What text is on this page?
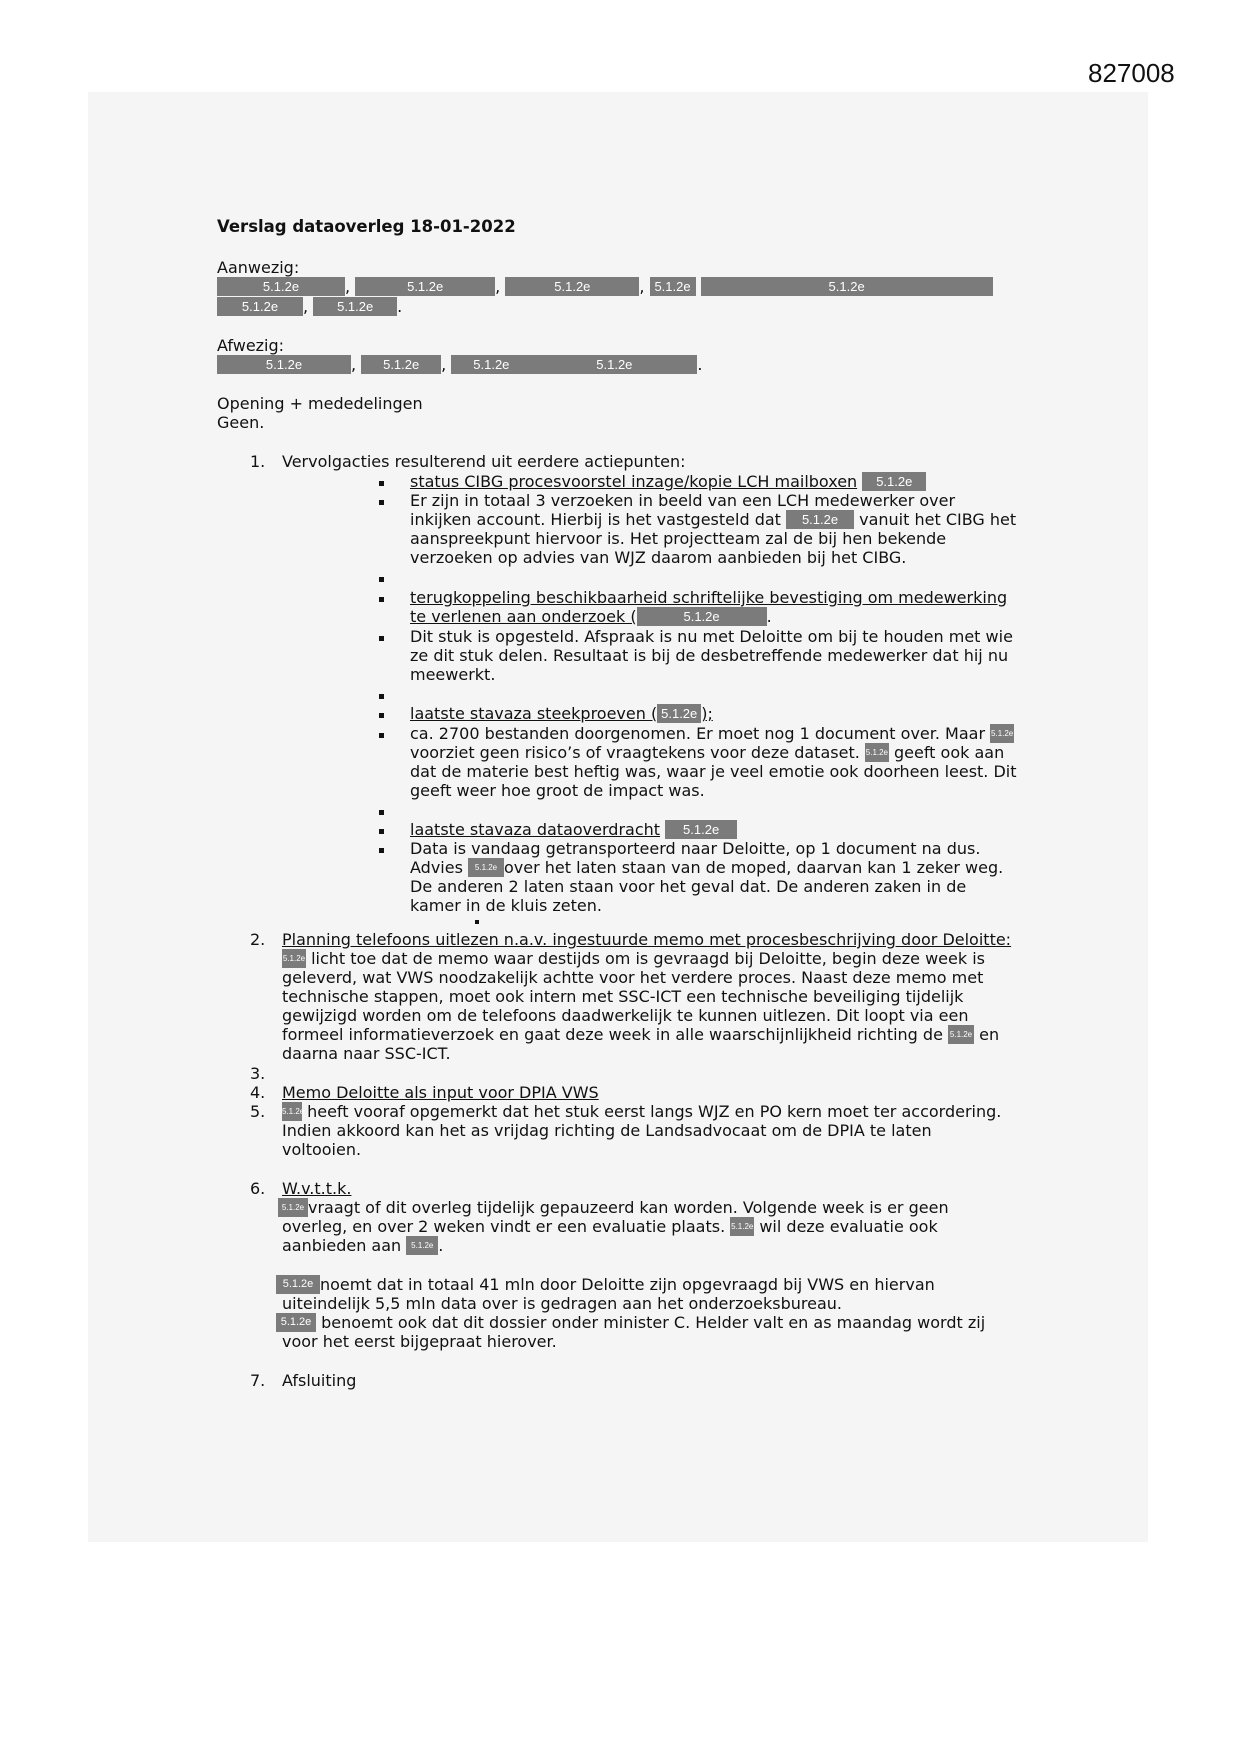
827008
Verslag dataoverleg 18-01-2022
Aanwezig:
5.1.2e	,	5.1.2e	,	5.1.2e	, 5.1.2e	5.1.2e
5.1.2e , 5.1.2e .
Afwezig:
5.1.2e	, 5.1.2e , 5.1.2e	5.1.2e	.
Opening + mededelingen
Geen.
1. Vervolgacties resulterend uit eerdere actiepunten:
status CIBG procesvoorstel inzage/kopie LCH mailboxen 5.1.2e
Er zijn in totaal 3 verzoeken in beeld van een LCH medewerker over
inkijken account. Hierbij is het vastgesteld dat 5.1.2e vanuit het CIBG het
aanspreekpunt hiervoor is. Het projectteam zal de bij hen bekende
verzoeken op advies van WJZ daarom aanbieden bij het CIBG.
terugkoppeling beschikbaarheid schriftelijke bevestiging om medewerking
te verlenen aan onderzoek (	5.1.2e	.
Dit stuk is opgesteld. Afspraak is nu met Deloitte om bij te houden met wie
ze dit stuk delen. Resultaat is bij de desbetreffende medewerker dat hij nu
meewerkt.
laatste stavaza steekproeven ( 5.1.2e );
ca. 2700 bestanden doorgenomen. Er moet nog 1 document over. Maar 5.1.2e
voorziet geen risico’s of vraagtekens voor deze dataset. 5.1.2e geeft ook aan
dat de materie best heftig was, waar je veel emotie ook doorheen leest. Dit
geeft weer hoe groot de impact was.
laatste stavaza dataoverdracht 5.1.2e
Data is vandaag getransporteerd naar Deloitte, op 1 document na dus.
Advies 5.1.2e over het laten staan van de moped, daarvan kan 1 zeker weg.
De anderen 2 laten staan voor het geval dat. De anderen zaken in de
kamer in de kluis zeten.
2. Planning telefoons uitlezen n.a.v. ingestuurde memo met procesbeschrijving door Deloitte:
5.1.2e licht toe dat de memo waar destijds om is gevraagd bij Deloitte, begin deze week is
geleverd, wat VWS noodzakelijk achtte voor het verdere proces. Naast deze memo met
technische stappen, moet ook intern met SSC-ICT een technische beveiliging tijdelijk
gewijzigd worden om de telefoons daadwerkelijk te kunnen uitlezen. Dit loopt via een
formeel informatieverzoek en gaat deze week in alle waarschijnlijkheid richting de 5.1.2e en
daarna naar SSC-ICT.
3.
4. Memo Deloitte als input voor DPIA VWS
5. 5.1.2e heeft vooraf opgemerkt dat het stuk eerst langs WJZ en PO kern moet ter accordering.
Indien akkoord kan het as vrijdag richting de Landsadvocaat om de DPIA te laten
voltooien.
6. W.v.t.t.k.
5.1.2e vraagt of dit overleg tijdelijk gepauzeerd kan worden. Volgende week is er geen
overleg, en over 2 weken vindt er een evaluatie plaats. 5.1.2e wil deze evaluatie ook
aanbieden aan 5.1.2e .
5.1.2e noemt dat in totaal 41 mln door Deloitte zijn opgevraagd bij VWS en hiervan
uiteindelijk 5,5 mln data over is gedragen aan het onderzoeksbureau.
5.1.2e benoemt ook dat dit dossier onder minister C. Helder valt en as maandag wordt zij
voor het eerst bijgepraat hierover.
7. Afsluiting
